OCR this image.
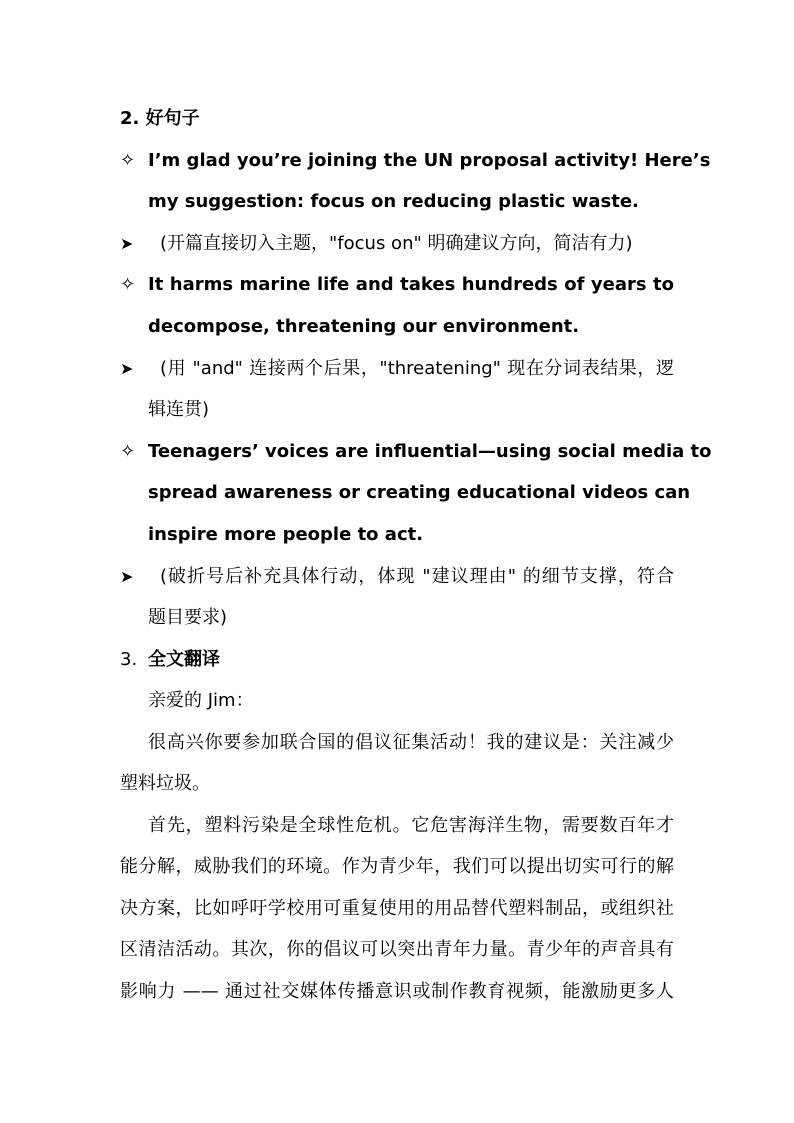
2. 好句子
✧ I’m glad you’re joining the UN proposal activity! Here’s
my suggestion: focus on reducing plastic waste.
➤ (开篇直接切入主题，"focus on" 明确建议方向，简洁有力)
✧ It harms marine life and takes hundreds of years to
decompose, threatening our environment.
➤ (用 "and" 连接两个后果，"threatening" 现在分词表结果，逻
辑连贯)
✧ Teenagers’ voices are influential—using social media to
spread awareness or creating educational videos can
inspire more people to act.
➤ (破折号后补充具体行动，体现 "建议理由" 的细节支撑，符合
题目要求)
3. 全文翻译
亲爱的 Jim：
很高兴你要参加联合国的倡议征集活动！我的建议是：关注减少
塑料垃圾。
首先，塑料污染是全球性危机。它危害海洋生物，需要数百年才
能分解，威胁我们的环境。作为青少年，我们可以提出切实可行的解
决方案，比如呼吁学校用可重复使用的用品替代塑料制品，或组织社
区清洁活动。其次，你的倡议可以突出青年力量。青少年的声音具有
影响力 —— 通过社交媒体传播意识或制作教育视频，能激励更多人
